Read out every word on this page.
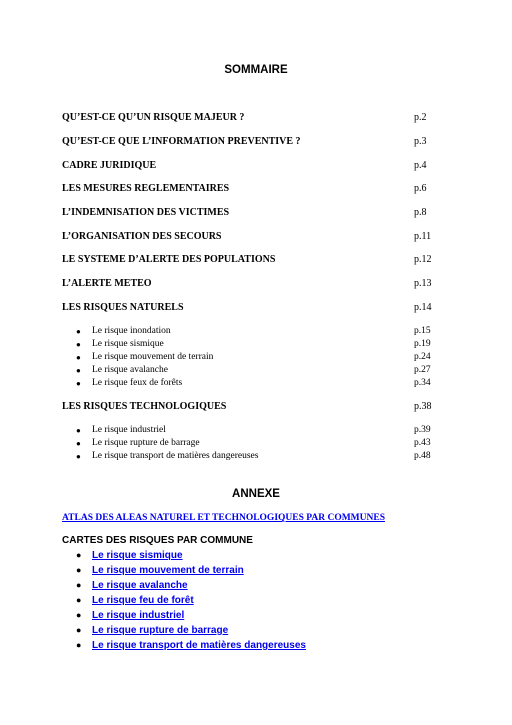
SOMMAIRE
QU’EST-CE QU’UN RISQUE MAJEUR ?	p.2
QU’EST-CE QUE L’INFORMATION PREVENTIVE ?	p.3
CADRE JURIDIQUE	p.4
LES MESURES REGLEMENTAIRES	p.6
L’INDEMNISATION DES VICTIMES	p.8
L’ORGANISATION DES SECOURS	p.11
LE SYSTEME D’ALERTE DES POPULATIONS	p.12
L’ALERTE METEO	p.13
LES RISQUES NATURELS	p.14
● Le risque inondation	p.15
● Le risque sismique	p.19
● Le risque mouvement de terrain	p.24
● Le risque avalanche	p.27
● Le risque feux de forêts	p.34
LES RISQUES TECHNOLOGIQUES	p.38
● Le risque industriel	p.39
● Le risque rupture de barrage	p.43
● Le risque transport de matières dangereuses	p.48
ANNEXE
ATLAS DES ALEAS NATUREL ET TECHNOLOGIQUES PAR COMMUNES
CARTES DES RISQUES PAR COMMUNE
● Le risque sismique
● Le risque mouvement de terrain
● Le risque avalanche
● Le risque feu de forêt
● Le risque industriel
● Le risque rupture de barrage
● Le risque transport de matières dangereuses
